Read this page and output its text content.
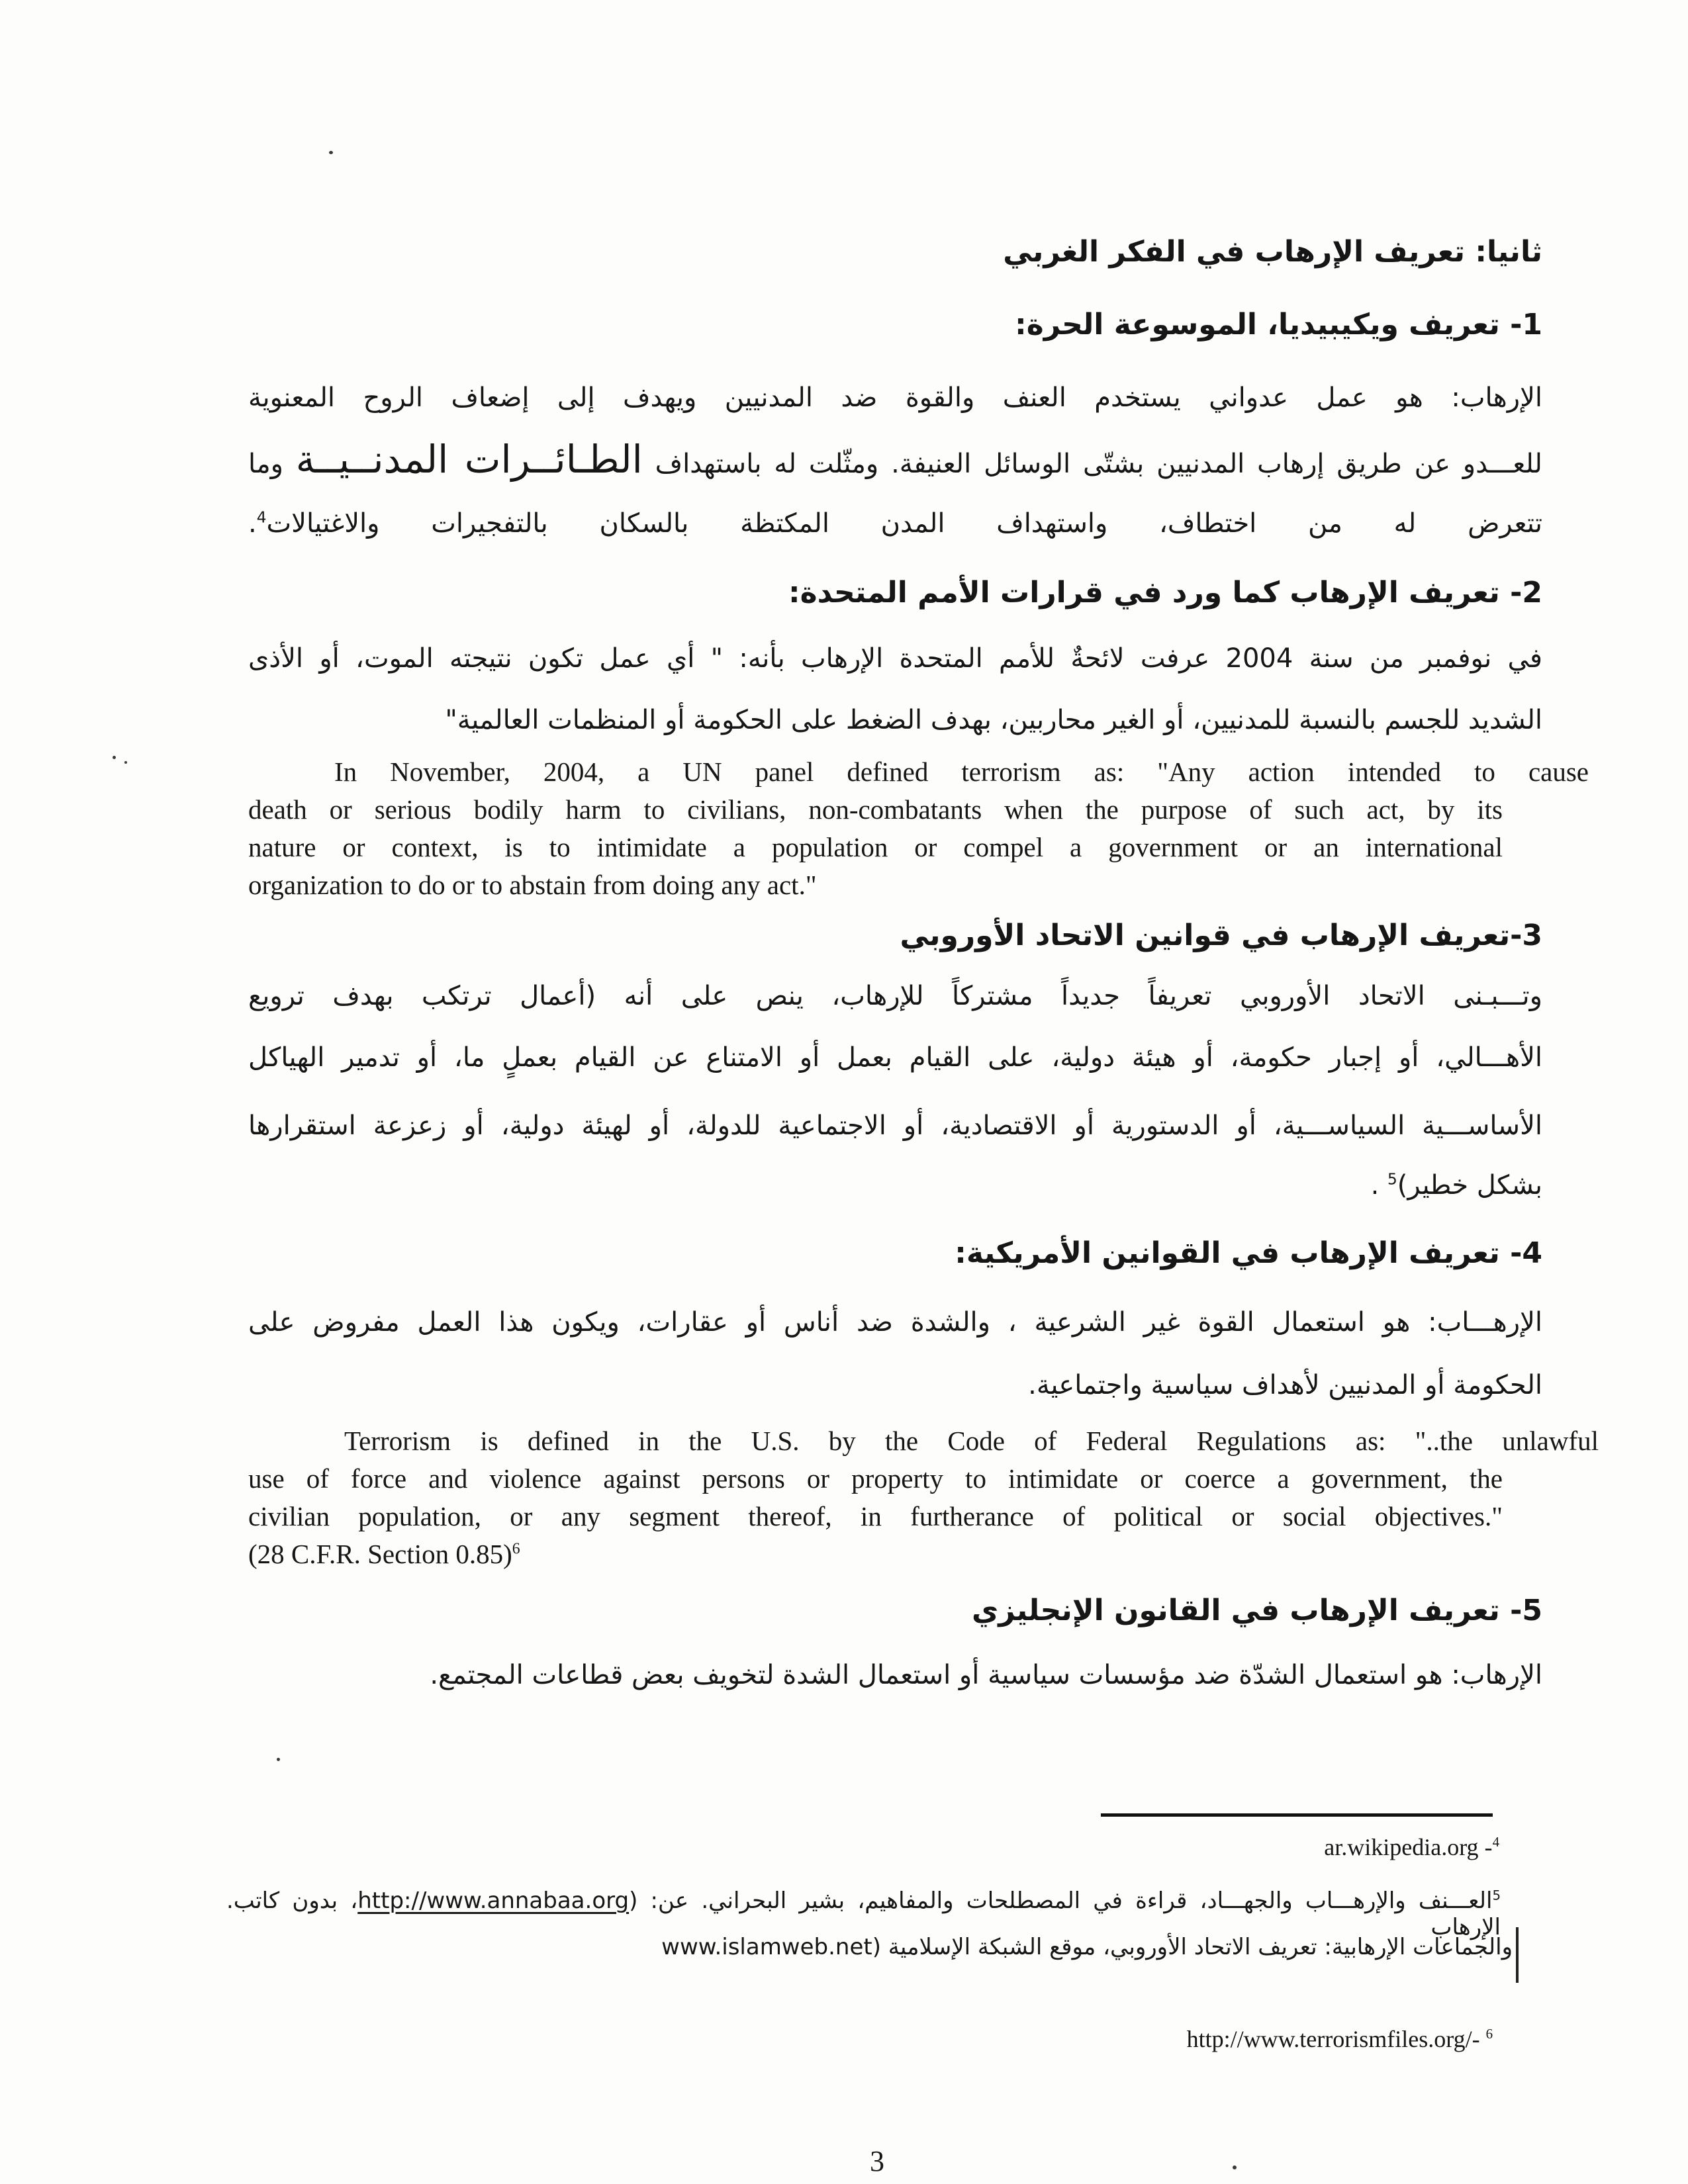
ثانيا: تعريف الإرهاب في الفكر الغربي
1- تعريف ويكيبيديا، الموسوعة الحرة:
الإرهاب: هو عمل عدواني يستخدم العنف والقوة ضد المدنيين ويهدف إلى إضعاف الروح المعنوية
للعـــدو عن طريق إرهاب المدنيين بشتّى الوسائل العنيفة. ومثّلت له باستهداف الطـائــرات المدنــيــة وما
تتعرض له من اختطاف، واستهداف المدن المكتظة بالسكان بالتفجيرات والاغتيالات$^4$.
2- تعريف الإرهاب كما ورد في قرارات الأمم المتحدة:
في نوفمبر من سنة 2004 عرفت لائحةٌ للأمم المتحدة الإرهاب بأنه: " أي عمل تكون نتيجته الموت، أو الأذى
الشديد للجسم بالنسبة للمدنيين، أو الغير محاربين، بهدف الضغط على الحكومة أو المنظمات العالمية"
In November, 2004, a UN panel defined terrorism as: "Any action intended to cause
death or serious bodily harm to civilians, non-combatants when the purpose of such act, by its
nature or context, is to intimidate a population or compel a government or an international
organization to do or to abstain from doing any act."
3-تعريف الإرهاب في قوانين الاتحاد الأوروبي
وتـــبـنى الاتحاد الأوروبي تعريفاً جديداً مشتركاً للإرهاب، ينص على أنه (أعمال ترتكب بهدف ترويع
الأهـــالي، أو إجبار حكومة، أو هيئة دولية، على القيام بعمل أو الامتناع عن القيام بعملٍ ما، أو تدمير الهياكل
الأساســـية السياســـية، أو الدستورية أو الاقتصادية، أو الاجتماعية للدولة، أو لهيئة دولية، أو زعزعة استقرارها
بشكل خطير)$^5$ .
4- تعريف الإرهاب في القوانين الأمريكية:
الإرهـــاب: هو استعمال القوة غير الشرعية ، والشدة ضد أناس أو عقارات، ويكون هذا العمل مفروض على
الحكومة أو المدنيين لأهداف سياسية واجتماعية.
Terrorism is defined in the U.S. by the Code of Federal Regulations as: "..the unlawful
use of force and violence against persons or property to intimidate or coerce a government, the
civilian population, or any segment thereof, in furtherance of political or social objectives."
(28 C.F.R. Section 0.85)$^6$
5- تعريف الإرهاب في القانون الإنجليزي
الإرهاب: هو استعمال الشدّة ضد مؤسسات سياسية أو استعمال الشدة لتخويف بعض قطاعات المجتمع.
ar.wikipedia.org -$^4$
$^5$العـــنف والإرهـــاب والجهـــاد، قراءة في المصطلحات والمفاهيم، بشير البحراني. عن: (http://www.annabaa.org، بدون كاتب. الإرهاب
والجماعات الإرهابية: تعريف الاتحاد الأوروبي، موقع الشبكة الإسلامية (www.islamweb.net
http://www.terrorismfiles.org/- $^6$
3
